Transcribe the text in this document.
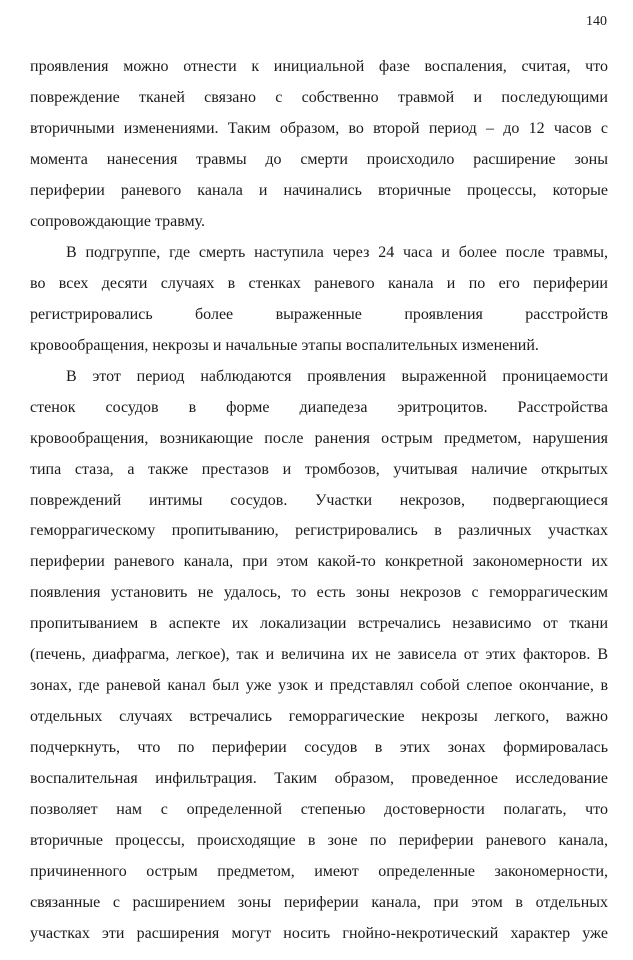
140
проявления можно отнести к инициальной фазе воспаления, считая, что
повреждение тканей связано с собственно травмой и последующими
вторичными изменениями. Таким образом, во второй период – до 12 часов с
момента нанесения травмы до смерти происходило расширение зоны
периферии раневого канала и начинались вторичные процессы, которые
сопровождающие травму.
В подгруппе, где смерть наступила через 24 часа и более после травмы,
во всех десяти случаях в стенках раневого канала и по его периферии
регистрировались более выраженные проявления расстройств
кровообращения, некрозы и начальные этапы воспалительных изменений.
В этот период наблюдаются проявления выраженной проницаемости
стенок сосудов в форме диапедеза эритроцитов. Расстройства
кровообращения, возникающие после ранения острым предметом, нарушения
типа стаза, а также престазов и тромбозов, учитывая наличие открытых
повреждений интимы сосудов. Участки некрозов, подвергающиеся
геморрагическому пропитыванию, регистрировались в различных участках
периферии раневого канала, при этом какой-то конкретной закономерности их
появления установить не удалось, то есть зоны некрозов с геморрагическим
пропитыванием в аспекте их локализации встречались независимо от ткани
(печень, диафрагма, легкое), так и величина их не зависела от этих факторов. В
зонах, где раневой канал был уже узок и представлял собой слепое окончание, в
отдельных случаях встречались геморрагические некрозы легкого, важно
подчеркнуть, что по периферии сосудов в этих зонах формировалась
воспалительная инфильтрация. Таким образом, проведенное исследование
позволяет нам с определенной степенью достоверности полагать, что
вторичные процессы, происходящие в зоне по периферии раневого канала,
причиненного острым предметом, имеют определенные закономерности,
связанные с расширением зоны периферии канала, при этом в отдельных
участках эти расширения могут носить гнойно-некротический характер уже
